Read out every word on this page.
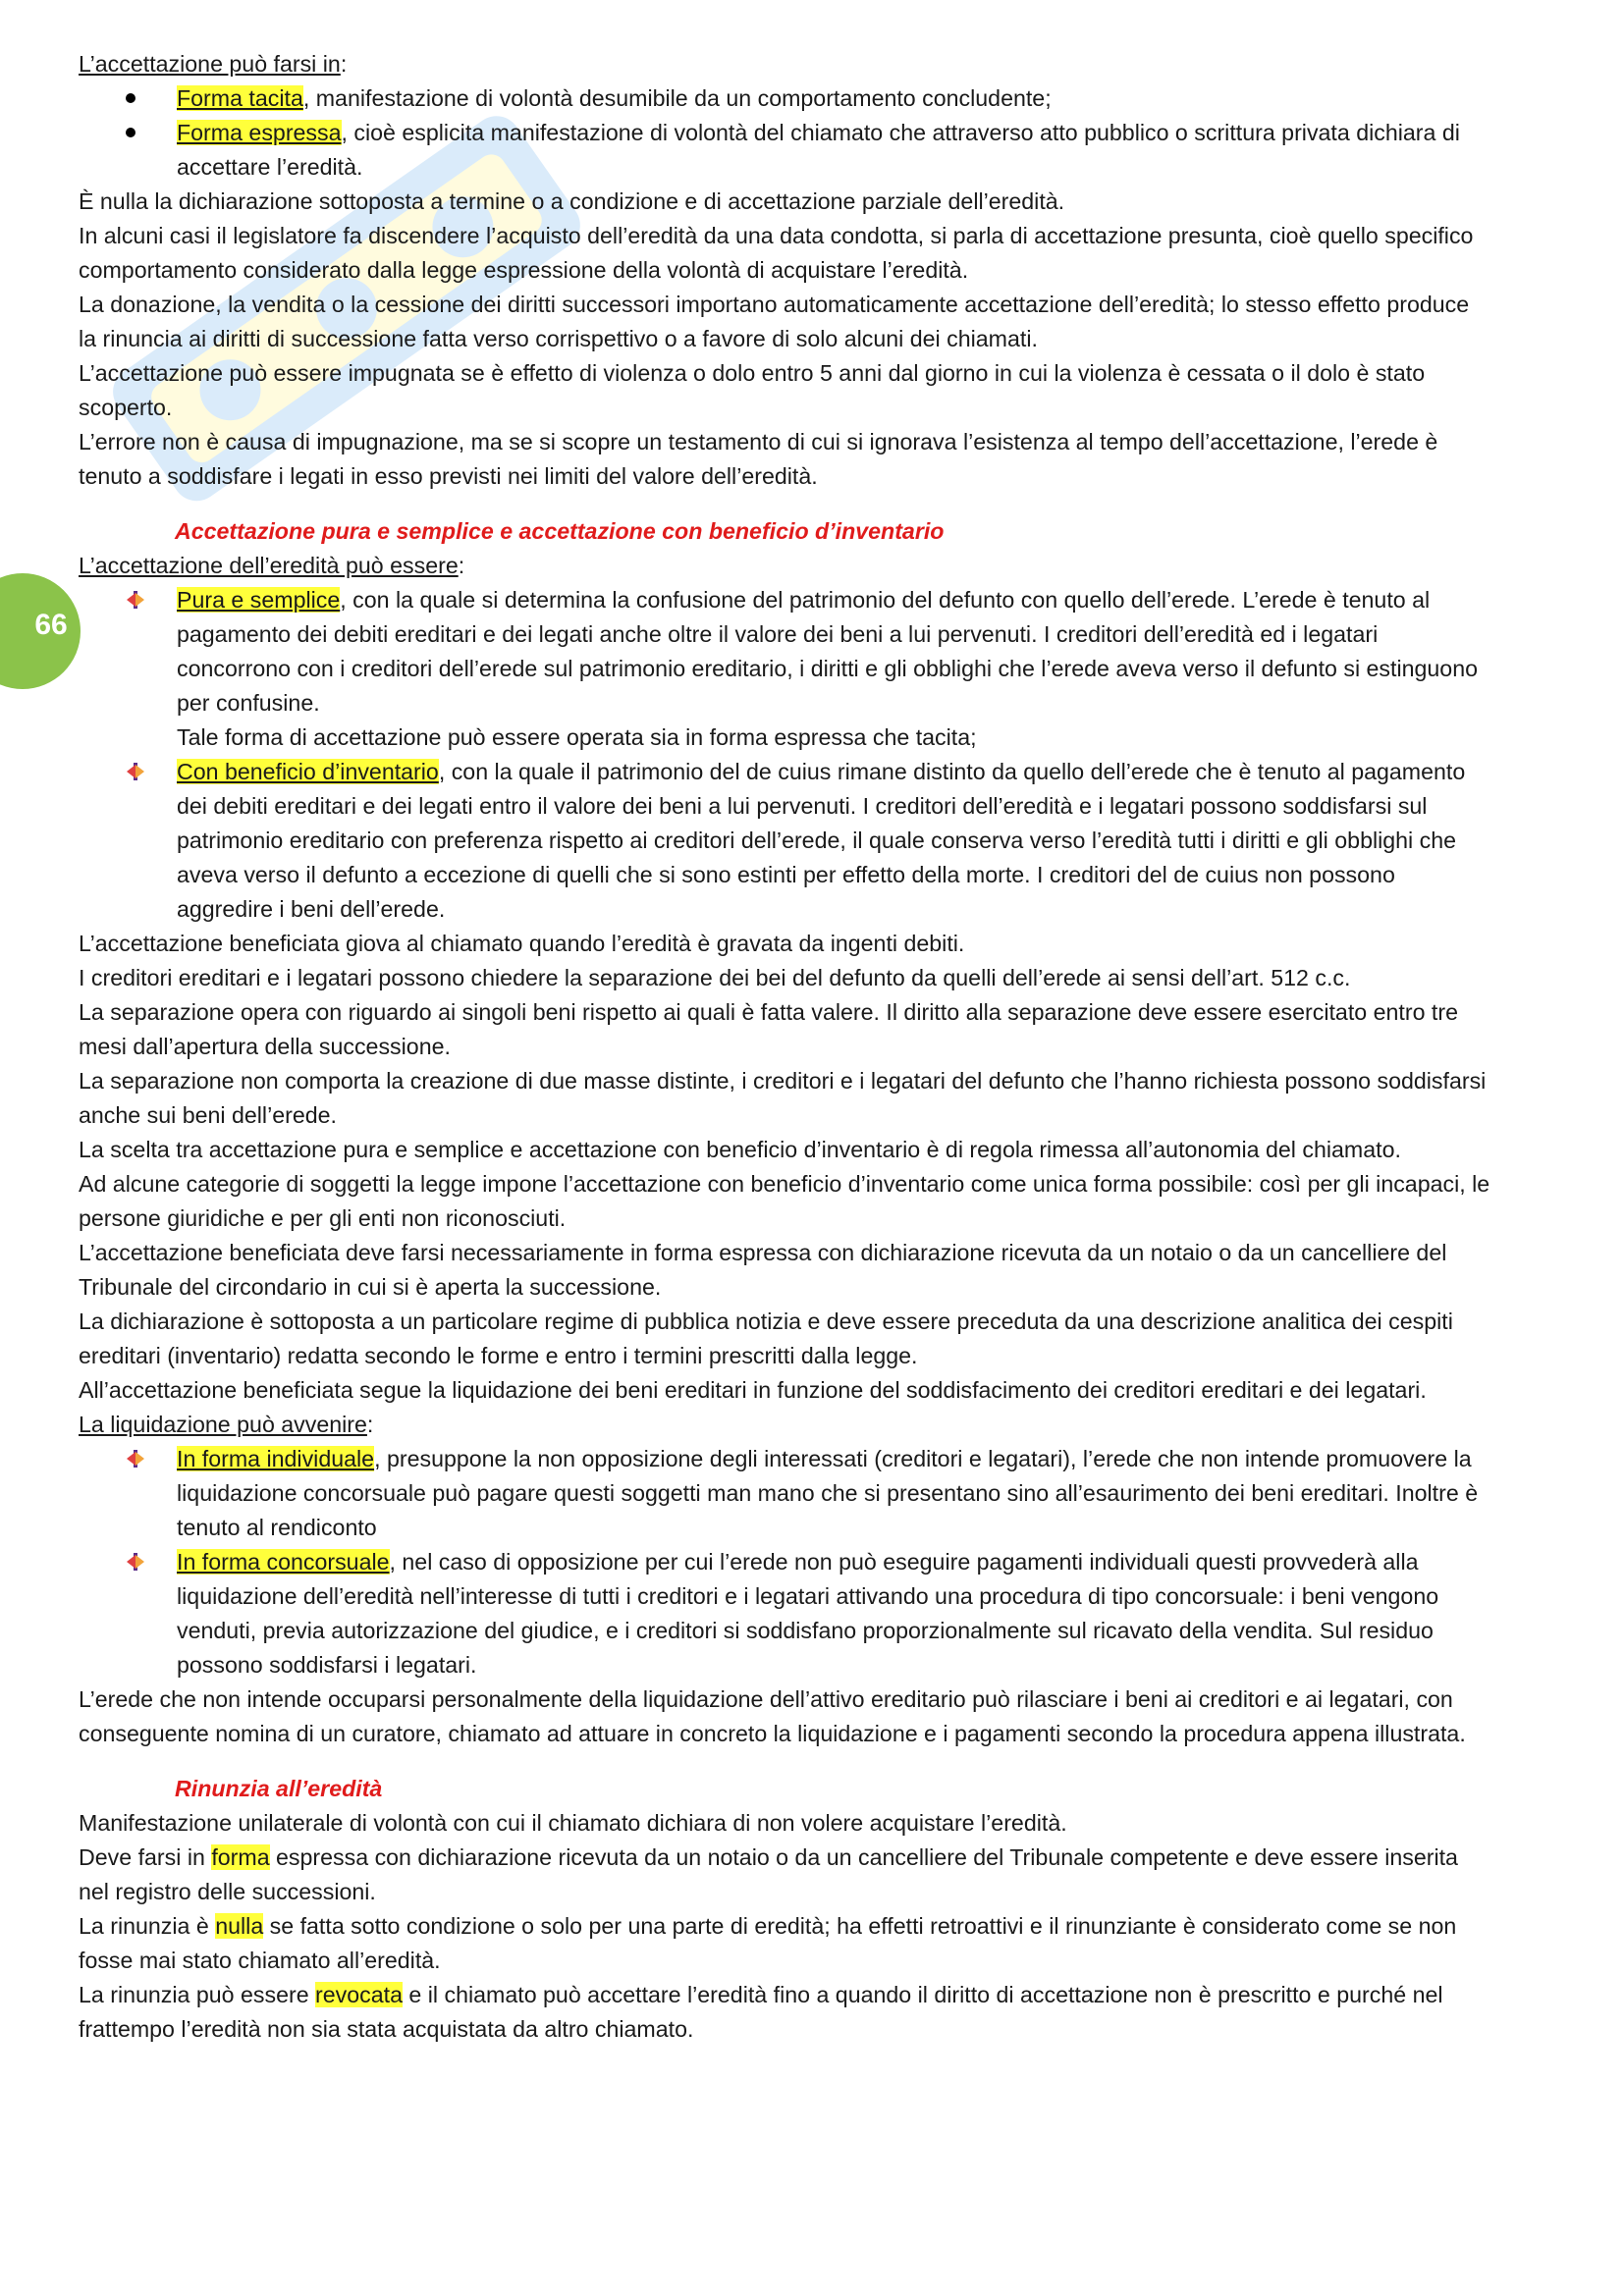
66

L’accettazione può farsi in:

Forma tacita, manifestazione di volontà desumibile da un comportamento concludente;
Forma espressa, cioè esplicita manifestazione di volontà del chiamato che attraverso atto pubblico o scrittura privata dichiara di accettare l’eredità.

È nulla la dichiarazione sottoposta a termine o a condizione e di accettazione parziale dell’eredità.

In alcuni casi il legislatore fa discendere l’acquisto dell’eredità da una data condotta, si parla di accettazione presunta, cioè quello specifico comportamento considerato dalla legge espressione della volontà di acquistare l’eredità.

La donazione, la vendita o la cessione dei diritti successori importano automaticamente accettazione dell’eredità; lo stesso effetto produce la rinuncia ai diritti di successione fatta verso corrispettivo o a favore di solo alcuni dei chiamati.

L’accettazione può essere impugnata se è effetto di violenza o dolo entro 5 anni dal giorno in cui la violenza è cessata o il dolo è stato scoperto.

L’errore non è causa di impugnazione, ma se si scopre un testamento di cui si ignorava l’esistenza al tempo dell’accettazione, l’erede è tenuto a soddisfare i legati in esso previsti nei limiti del valore dell’eredità.

Accettazione pura e semplice e accettazione con beneficio d’inventario

L’accettazione dell’eredità può essere:

Pura e semplice, con la quale si determina la confusione del patrimonio del defunto con quello dell’erede. L’erede è tenuto al pagamento dei debiti ereditari e dei legati anche oltre il valore dei beni a lui pervenuti. I creditori dell’eredità ed i legatari concorrono con i creditori dell’erede sul patrimonio ereditario, i diritti e gli obblighi che l’erede aveva verso il defunto si estinguono per confusine.
Tale forma di accettazione può essere operata sia in forma espressa che tacita;
Con beneficio d’inventario, con la quale il patrimonio del de cuius rimane distinto da quello dell’erede che è tenuto al pagamento dei debiti ereditari e dei legati entro il valore dei beni a lui pervenuti. I creditori dell’eredità e i legatari possono soddisfarsi sul patrimonio ereditario con preferenza rispetto ai creditori dell’erede, il quale conserva verso l’eredità tutti i diritti e gli obblighi che aveva verso il defunto a eccezione di quelli che si sono estinti per effetto della morte. I creditori del de cuius non possono aggredire i beni dell’erede.

L’accettazione beneficiata giova al chiamato quando l’eredità è gravata da ingenti debiti.

I creditori ereditari e i legatari possono chiedere la separazione dei bei del defunto da quelli dell’erede ai sensi dell’art. 512 c.c.

La separazione opera con riguardo ai singoli beni rispetto ai quali è fatta valere. Il diritto alla separazione deve essere esercitato entro tre mesi dall’apertura della successione.

La separazione non comporta la creazione di due masse distinte, i creditori e i legatari del defunto che l’hanno richiesta possono soddisfarsi anche sui beni dell’erede.

La scelta tra accettazione pura e semplice e accettazione con beneficio d’inventario è di regola rimessa all’autonomia del chiamato.

Ad alcune categorie di soggetti la legge impone l’accettazione con beneficio d’inventario come unica forma possibile: così per gli incapaci, le persone giuridiche e per gli enti non riconosciuti.

L’accettazione beneficiata deve farsi necessariamente in forma espressa con dichiarazione ricevuta da un notaio o da un cancelliere del Tribunale del circondario in cui si è aperta la successione.

La dichiarazione è sottoposta a un particolare regime di pubblica notizia e deve essere preceduta da una descrizione analitica dei cespiti ereditari (inventario) redatta secondo le forme e entro i termini prescritti dalla legge.

All’accettazione beneficiata segue la liquidazione dei beni ereditari in funzione del soddisfacimento dei creditori ereditari e dei legatari.

La liquidazione può avvenire:

In forma individuale, presuppone la non opposizione degli interessati (creditori e legatari), l’erede che non intende promuovere la liquidazione concorsuale può pagare questi soggetti man mano che si presentano sino all’esaurimento dei beni ereditari. Inoltre è tenuto al rendiconto
In forma concorsuale, nel caso di opposizione per cui l’erede non può eseguire pagamenti individuali questi provvederà alla liquidazione dell’eredità nell’interesse di tutti i creditori e i legatari attivando una procedura di tipo concorsuale: i beni vengono venduti, previa autorizzazione del giudice, e i creditori si soddisfano proporzionalmente sul ricavato della vendita. Sul residuo possono soddisfarsi i legatari.

L’erede che non intende occuparsi personalmente della liquidazione dell’attivo ereditario può rilasciare i beni ai creditori e ai legatari, con conseguente nomina di un curatore, chiamato ad attuare in concreto la liquidazione e i pagamenti secondo la procedura appena illustrata.

Rinunzia all’eredità

Manifestazione unilaterale di volontà con cui il chiamato dichiara di non volere acquistare l’eredità.

Deve farsi in forma espressa con dichiarazione ricevuta da un notaio o da un cancelliere del Tribunale competente e deve essere inserita nel registro delle successioni.

La rinunzia è nulla se fatta sotto condizione o solo per una parte di eredità; ha effetti retroattivi e il rinunziante è considerato come se non fosse mai stato chiamato all’eredità.

La rinunzia può essere revocata e il chiamato può accettare l’eredità fino a quando il diritto di accettazione non è prescritto e purché nel frattempo l’eredità non sia stata acquistata da altro chiamato.
